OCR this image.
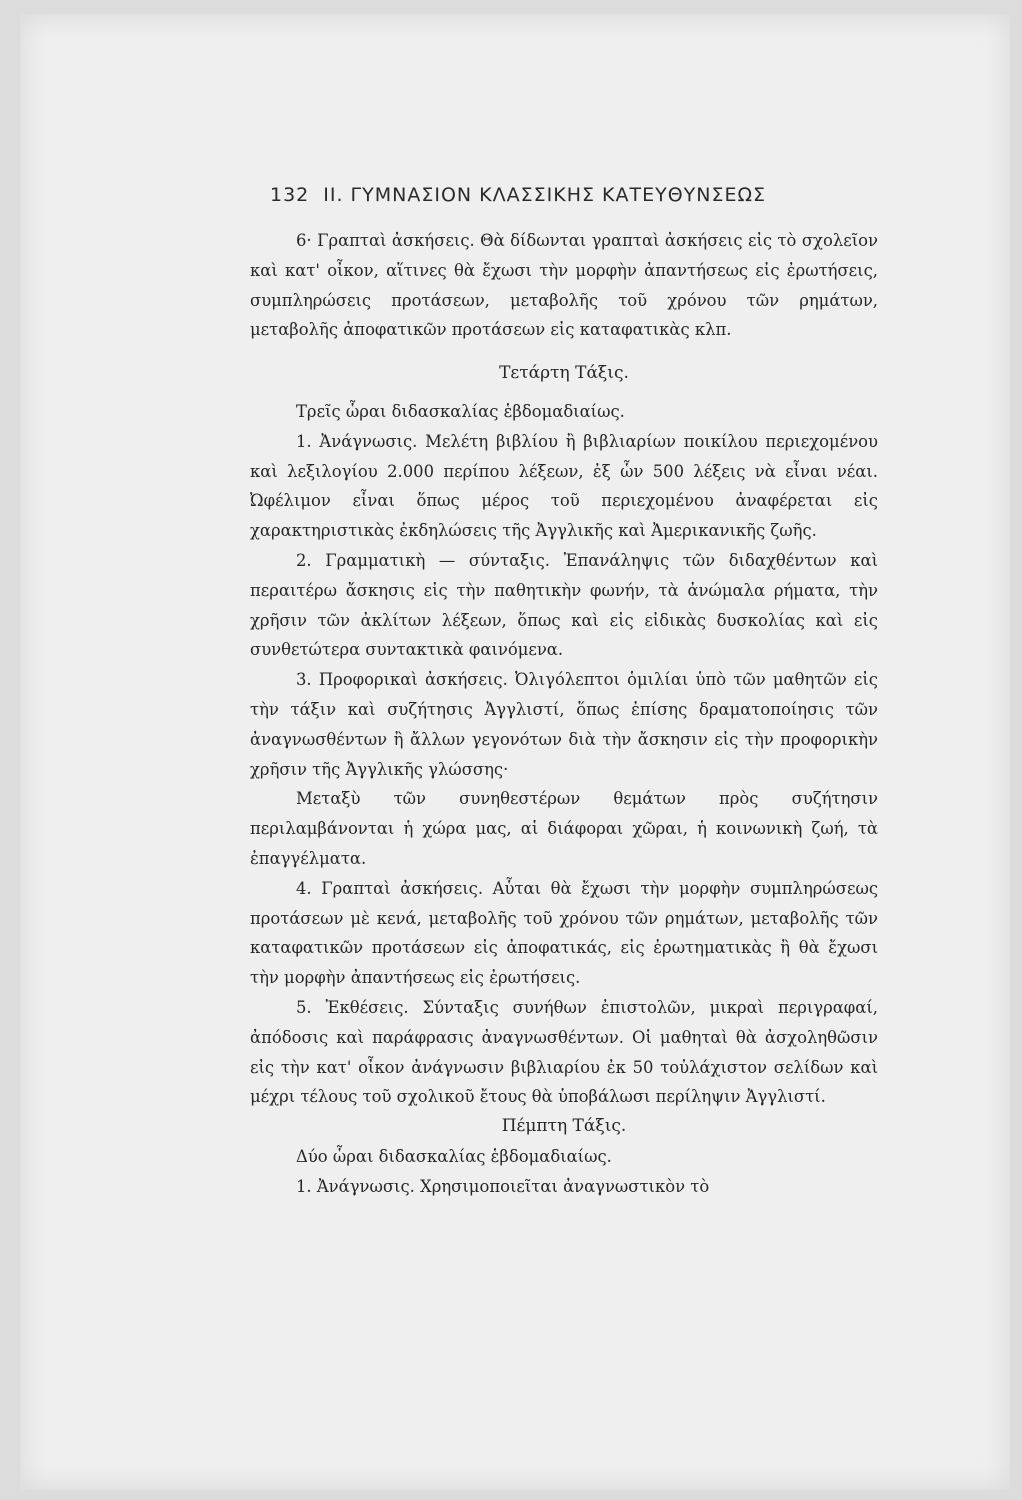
132 II. ΓΥΜΝΑΣΙΟΝ ΚΛΑΣΣΙΚΗΣ ΚΑΤΕΥΘΥΝΣΕΩΣ

6· Γραπταὶ ἀσκήσεις. Θὰ δίδωνται γραπταὶ ἀσκήσεις εἰς τὸ σχολεῖον καὶ κατ' οἶκον, αἵτινες θὰ ἔχωσι τὴν μορφὴν ἀπαντήσεως εἰς ἐρωτήσεις, συμπληρώσεις προτάσεων, μεταβολῆς τοῦ χρόνου τῶν ρημάτων, μεταβολῆς ἀποφατικῶν προτάσεων εἰς καταφατικὰς κλπ.

Τετάρτη Τάξις.

Τρεῖς ὧραι διδασκαλίας ἑβδομαδιαίως.

1. Ἀνάγνωσις. Μελέτη βιβλίου ἢ βιβλιαρίων ποικίλου περιεχομένου καὶ λεξιλογίου 2.000 περίπου λέξεων, ἐξ ὧν 500 λέξεις νὰ εἶναι νέαι. Ὠφέλιμον εἶναι ὅπως μέρος τοῦ περιεχομένου ἀναφέρεται εἰς χαρακτηριστικὰς ἐκδηλώσεις τῆς Ἀγγλικῆς καὶ Ἀμερικανικῆς ζωῆς.

2. Γραμματικὴ — σύνταξις. Ἐπανάληψις τῶν διδαχθέντων καὶ περαιτέρω ἄσκησις εἰς τὴν παθητικὴν φωνήν, τὰ ἀνώμαλα ρήματα, τὴν χρῆσιν τῶν ἀκλίτων λέξεων, ὅπως καὶ εἰς εἰδικὰς δυσκολίας καὶ εἰς συνθετώτερα συντακτικὰ φαινόμενα.

3. Προφορικαὶ ἀσκήσεις. Ὀλιγόλεπτοι ὁμιλίαι ὑπὸ τῶν μαθητῶν εἰς τὴν τάξιν καὶ συζήτησις Ἀγγλιστί, ὅπως ἐπίσης δραματοποίησις τῶν ἀναγνωσθέντων ἢ ἄλλων γεγονότων διὰ τὴν ἄσκησιν εἰς τὴν προφορικὴν χρῆσιν τῆς Ἀγγλικῆς γλώσσης·

Μεταξὺ τῶν συνηθεστέρων θεμάτων πρὸς συζήτησιν περιλαμβάνονται ἡ χώρα μας, αἱ διάφοραι χῶραι, ἡ κοινωνικὴ ζωή, τὰ ἐπαγγέλματα.

4. Γραπταὶ ἀσκήσεις. Αὗται θὰ ἔχωσι τὴν μορφὴν συμπληρώσεως προτάσεων μὲ κενά, μεταβολῆς τοῦ χρόνου τῶν ρημάτων, μεταβολῆς τῶν καταφατικῶν προτάσεων εἰς ἀποφατικάς, εἰς ἐρωτηματικὰς ἢ θὰ ἔχωσι τὴν μορφὴν ἀπαντήσεως εἰς ἐρωτήσεις.

5. Ἐκθέσεις. Σύνταξις συνήθων ἐπιστολῶν, μικραὶ περιγραφαί, ἀπόδοσις καὶ παράφρασις ἀναγνωσθέντων. Οἱ μαθηταὶ θὰ ἀσχοληθῶσιν εἰς τὴν κατ' οἶκον ἀνάγνωσιν βιβλιαρίου ἐκ 50 τοὐλάχιστον σελίδων καὶ μέχρι τέλους τοῦ σχολικοῦ ἔτους θὰ ὑποβάλωσι περίληψιν Ἀγγλιστί.

Πέμπτη Τάξις.

Δύο ὧραι διδασκαλίας ἑβδομαδιαίως.

1. Ἀνάγνωσις. Χρησιμοποιεῖται ἀναγνωστικὸν τὸ
